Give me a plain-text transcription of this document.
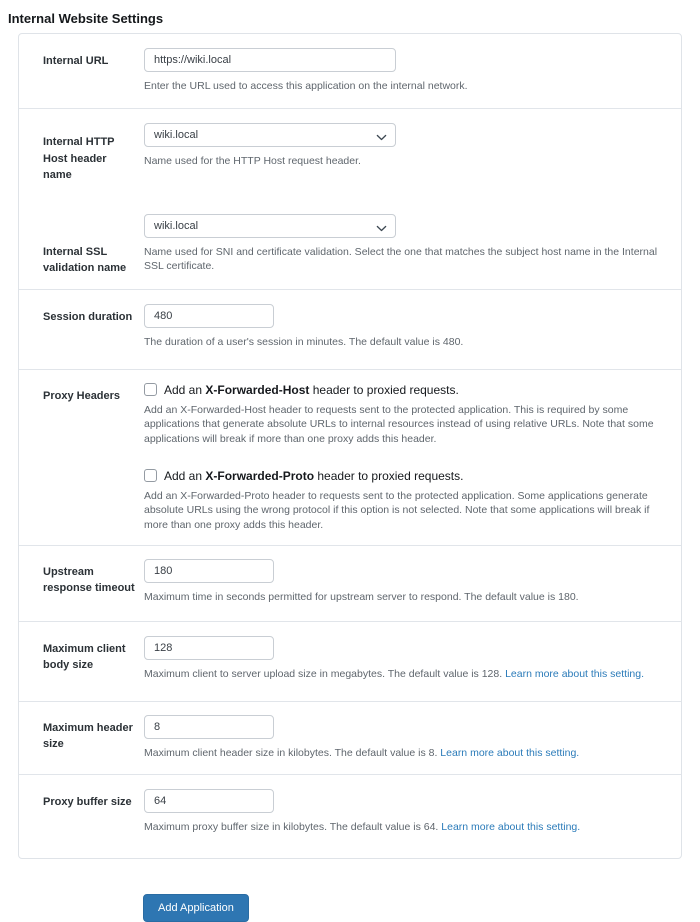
Internal Website Settings
Internal URL
https://wiki.local
Enter the URL used to access this application on the internal network.
Internal HTTP Host header name
Internal SSL validation name
wiki.local
Name used for the HTTP Host request header.
wiki.local
Name used for SNI and certificate validation. Select the one that matches the subject host name in the Internal SSL certificate.
Session duration
480
The duration of a user's session in minutes. The default value is 480.
Proxy Headers	Add an X-Forwarded-Host header to proxied requests.
Add an X-Forwarded-Host header to requests sent to the protected application. This is required by some applications that generate absolute URLs to internal resources instead of using relative URLs. Note that some applications will break if more than one proxy adds this header.
Add an X-Forwarded-Proto header to proxied requests.
Add an X-Forwarded-Proto header to requests sent to the protected application. Some applications generate absolute URLs using the wrong protocol if this option is not selected. Note that some applications will break if more than one proxy adds this header.
Upstream response timeout
180
Maximum time in seconds permitted for upstream server to respond. The default value is 180.
Maximum client body size
128
Maximum client to server upload size in megabytes. The default value is 128. Learn more about this setting.
Maximum header size
8
Maximum client header size in kilobytes. The default value is 8. Learn more about this setting.
Proxy buffer size
64
Maximum proxy buffer size in kilobytes. The default value is 64. Learn more about this setting.
Add Application
